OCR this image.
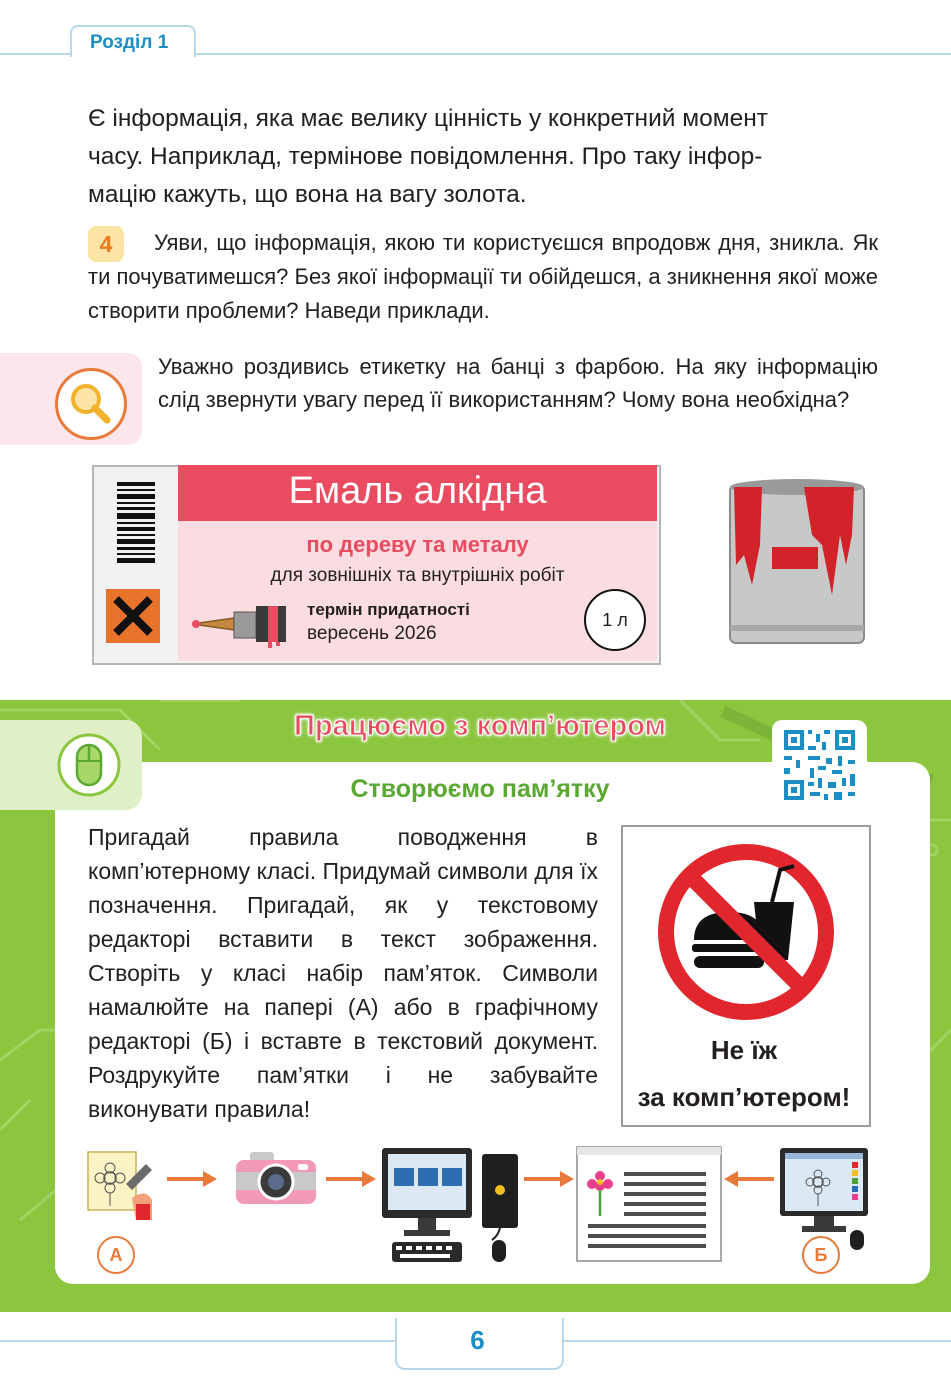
Розділ 1
Є інформація, яка має велику цінність у конкретний момент
часу. Наприклад, термінове повідомлення. Про таку інфор-
мацію кажуть, що вона на вагу золота.
Уяви, що інформація, якою ти користуєшся впродовж дня, зникла. Як ти почуватимешся? Без якої інформації ти обійдешся, а зникнення якої може створити проблеми? Наведи приклади.
4
Уважно роздивись етикетку на банці з фарбою. На яку інформацію слід звернути увагу перед її використанням? Чому вона необхідна?
Емаль алкідна
по дереву та металу
для зовнішніх та внутрішніх робіт
термін придатності
вересень 2026
1 л
Працюємо з комп’ютером
Створюємо пам’ятку
Пригадай правила поводження в комп’ютерному класі. Придумай символи для їх позначення. Пригадай, як у текстовому редакторі вставити в текст зображення. Створіть у класі набір пам’яток. Символи намалюйте на папері (А) або в графічному редакторі (Б) і вставте в текстовий документ. Роздрукуйте пам’ятки і не забувайте виконувати правила!
Не їж
за комп’ютером!
А	Б
6
